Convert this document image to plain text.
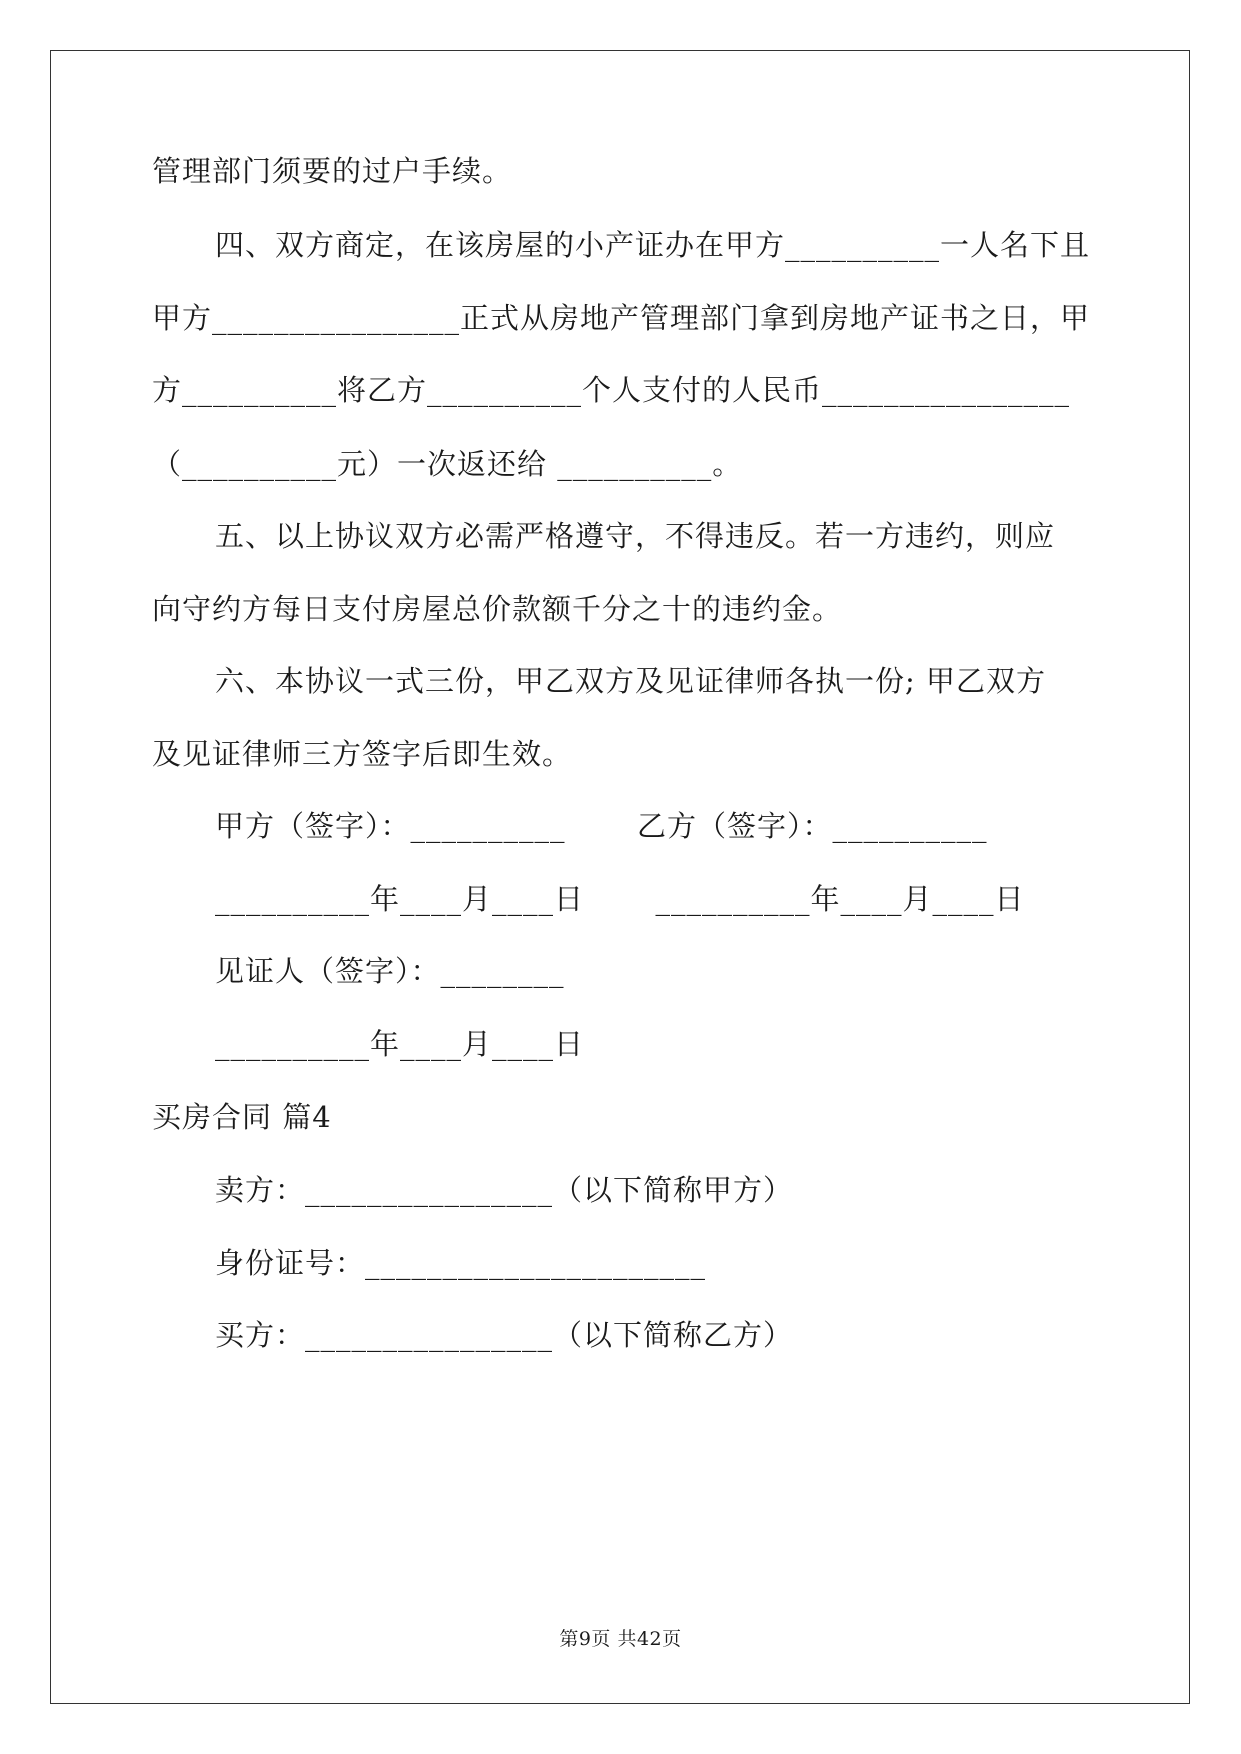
管理部门须要的过户手续。
四、双方商定，在该房屋的小产证办在甲方__________一人名下且
甲方________________正式从房地产管理部门拿到房地产证书之日，甲
方__________将乙方__________个人支付的人民币________________
（__________元）一次返还给 __________。
五、以上协议双方必需严格遵守，不得违反。若一方违约，则应
向守约方每日支付房屋总价款额千分之十的违约金。
六、本协议一式三份，甲乙双方及见证律师各执一份; 甲乙双方
及见证律师三方签字后即生效。
甲方（签字）：__________       乙方（签字）：__________
__________年____月____日       __________年____月____日
见证人（签字）：________
__________年____月____日
买房合同 篇4
卖方：________________（以下简称甲方）
身份证号：______________________
买方：________________（以下简称乙方）
第9页 共42页
